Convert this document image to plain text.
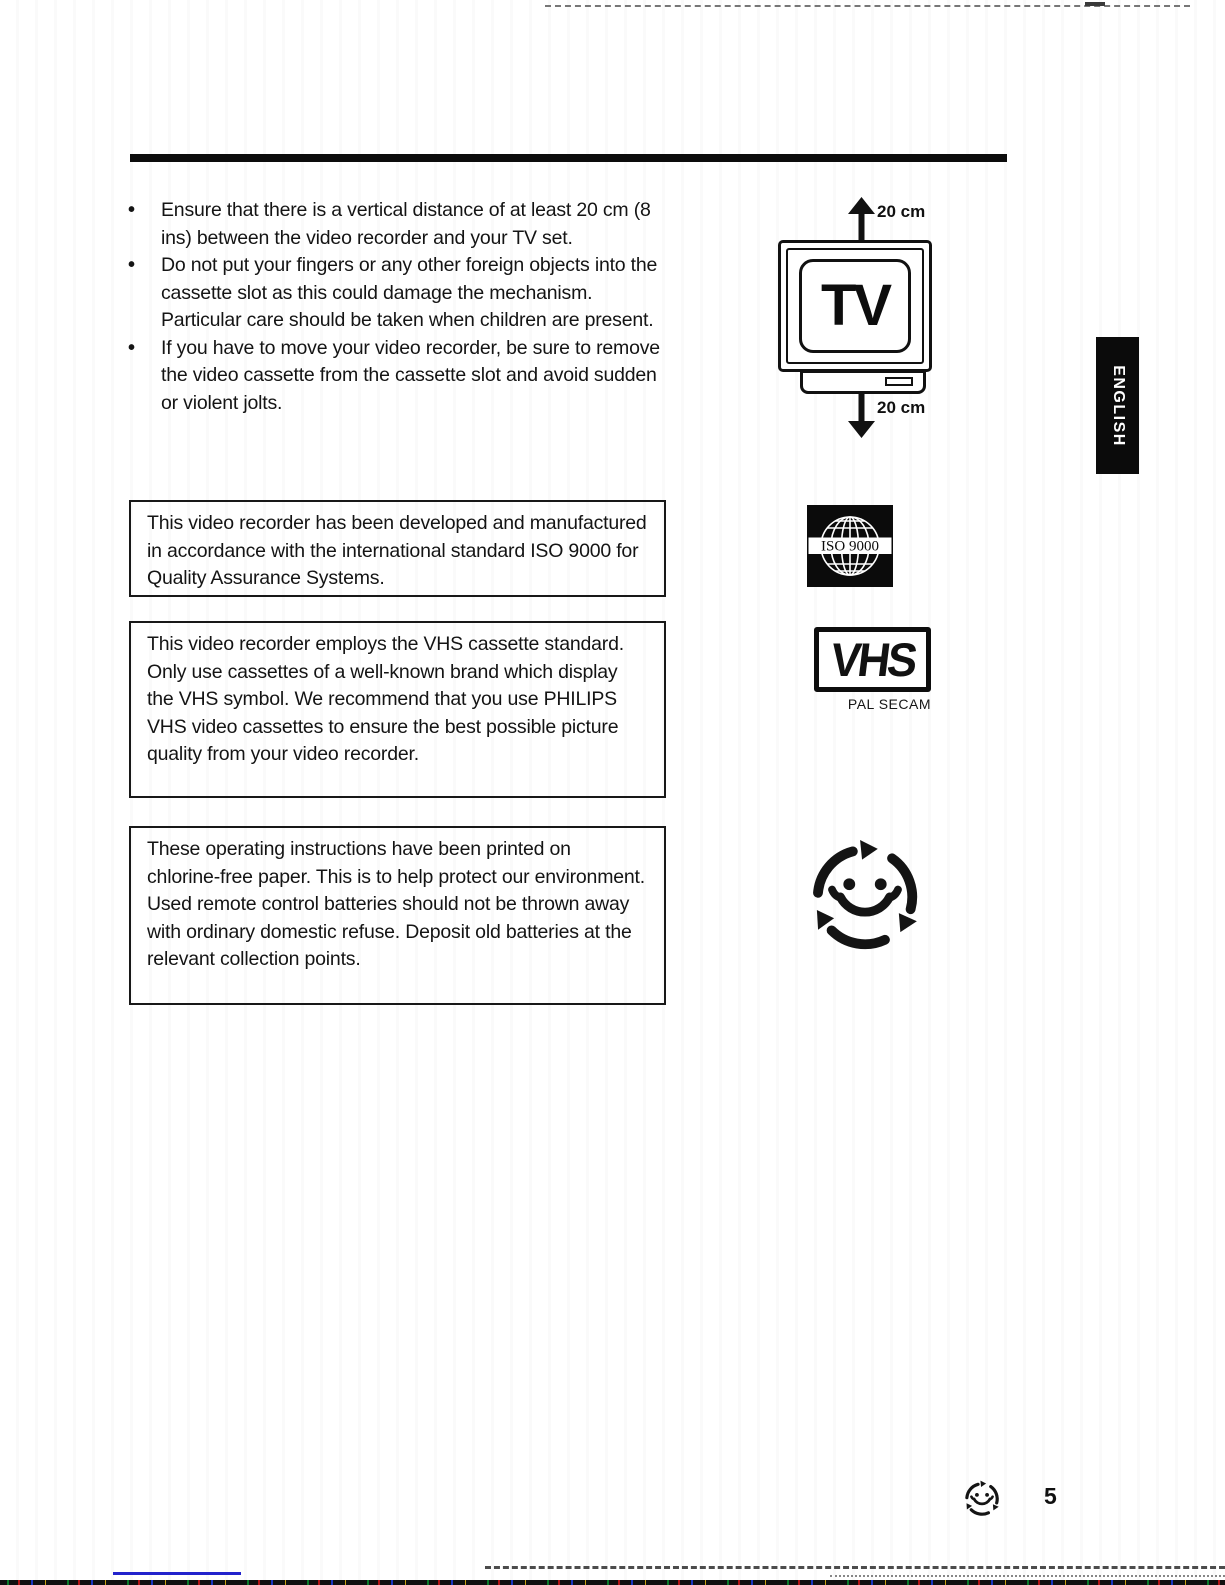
•	Ensure that there is a vertical distance of at least 20 cm (8 ins) between the video recorder and your TV set.
•	Do not put your fingers or any other foreign objects into the cassette slot as this could damage the mechanism. Particular care should be taken when children are present.
•	If you have to move your video recorder, be sure to remove the video cassette from the cassette slot and avoid sudden or violent jolts.
20 cm
TV
20 cm	ENGLISH

This video recorder has been developed and manufactured in accordance with the international standard ISO 9000 for Quality Assurance Systems.

ISO 9000

This video recorder employs the VHS cassette standard.

Only use cassettes of a well-known brand which display the VHS symbol. We recommend that you use PHILIPS VHS video cassettes to ensure the best possible picture quality from your video recorder.

VHS
PAL SECAM

These operating instructions have been printed on chlorine-free paper. This is to help protect our environment.

Used remote control batteries should not be thrown away with ordinary domestic refuse. Deposit old batteries at the relevant collection points.

5
